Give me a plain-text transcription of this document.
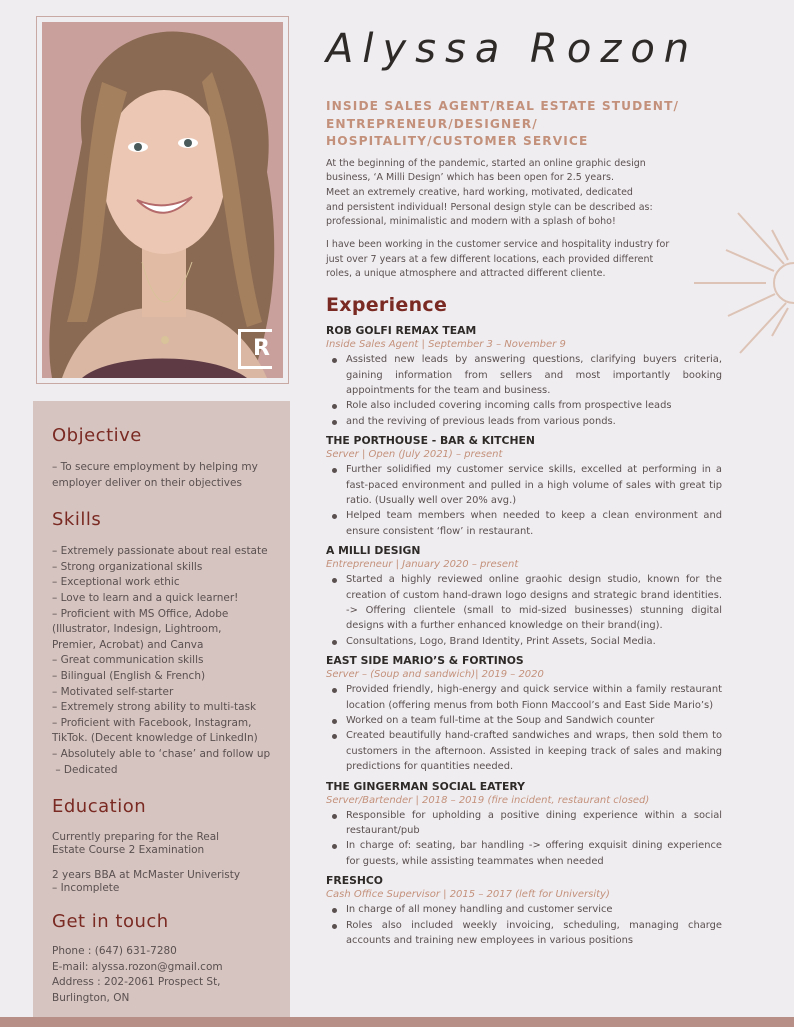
R
Objective
– To secure employment by helping my
employer deliver on their objectives
Skills
– Extremely passionate about real estate
– Strong organizational skills
– Exceptional work ethic
– Love to learn and a quick learner!
– Proficient with MS Office, Adobe
(Illustrator, Indesign, Lightroom,
Premier, Acrobat) and Canva
– Great communication skills
– Bilingual (English & French)
– Motivated self-starter
– Extremely strong ability to multi-task
– Proficient with Facebook, Instagram,
TikTok. (Decent knowledge of LinkedIn)
– Absolutely able to ‘chase’ and follow up
– Dedicated
Education
Currently preparing for the Real
Estate Course 2 Examination
2 years BBA at McMaster Univeristy
– Incomplete
Get in touch
Phone : (647) 631-7280
E-mail: alyssa.rozon@gmail.com
Address : 202-2061 Prospect St,
Burlington, ON
Alyssa Rozon
INSIDE SALES AGENT/REAL ESTATE STUDENT/
ENTREPRENEUR/DESIGNER/
HOSPITALITY/CUSTOMER SERVICE
At the beginning of the pandemic, started an online graphic design
business, ‘A Milli Design’ which has been open for 2.5 years.
Meet an extremely creative, hard working, motivated, dedicated
and persistent individual! Personal design style can be described as:
professional, minimalistic and modern with a splash of boho!
I have been working in the customer service and hospitality industry for
just over 7 years at a few different locations, each provided different
roles, a unique atmosphere and attracted different cliente.
Experience
ROB GOLFI REMAX TEAM
Inside Sales Agent | September 3 – November 9
Assisted new leads by answering questions, clarifying buyers criteria, gaining information from sellers and most importantly booking appointments for the team and business.
Role also included covering incoming calls from prospective leads
and the reviving of previous leads from various ponds.
THE PORTHOUSE - BAR & KITCHEN
Server | Open (July 2021) – present
Further solidified my customer service skills, excelled at performing in a fast-paced environment and pulled in a high volume of sales with great tip ratio. (Usually well over 20% avg.)
Helped team members when needed to keep a clean environment and ensure consistent ‘flow’ in restaurant.
A MILLI DESIGN
Entrepreneur | January 2020 – present
Started a highly reviewed online graohic design studio, known for the creation of custom hand-drawn logo designs and strategic brand identities. -> Offering clientele (small to mid-sized businesses) stunning digital designs with a further enhanced knowledge on their brand(ing).
Consultations, Logo, Brand Identity, Print Assets, Social Media.
EAST SIDE MARIO’S & FORTINOS
Server – (Soup and sandwich)| 2019 – 2020
Provided friendly, high-energy and quick service within a family restaurant location (offering menus from both Fionn Maccool’s and East Side Mario’s)
Worked on a team full-time at the Soup and Sandwich counter
Created beautifully hand-crafted sandwiches and wraps, then sold them to customers in the afternoon. Assisted in keeping track of sales and making predictions for quantities needed.
THE GINGERMAN SOCIAL EATERY
Server/Bartender | 2018 – 2019 (fire incident, restaurant closed)
Responsible for upholding a positive dining experience within a social restaurant/pub
In charge of: seating, bar handling -> offering exquisit dining experience for guests, while assisting teammates when needed
FRESHCO
Cash Office Supervisor | 2015 – 2017 (left for University)
In charge of all money handling and customer service
Roles also included weekly invoicing, scheduling, managing charge accounts and training new employees in various positions
